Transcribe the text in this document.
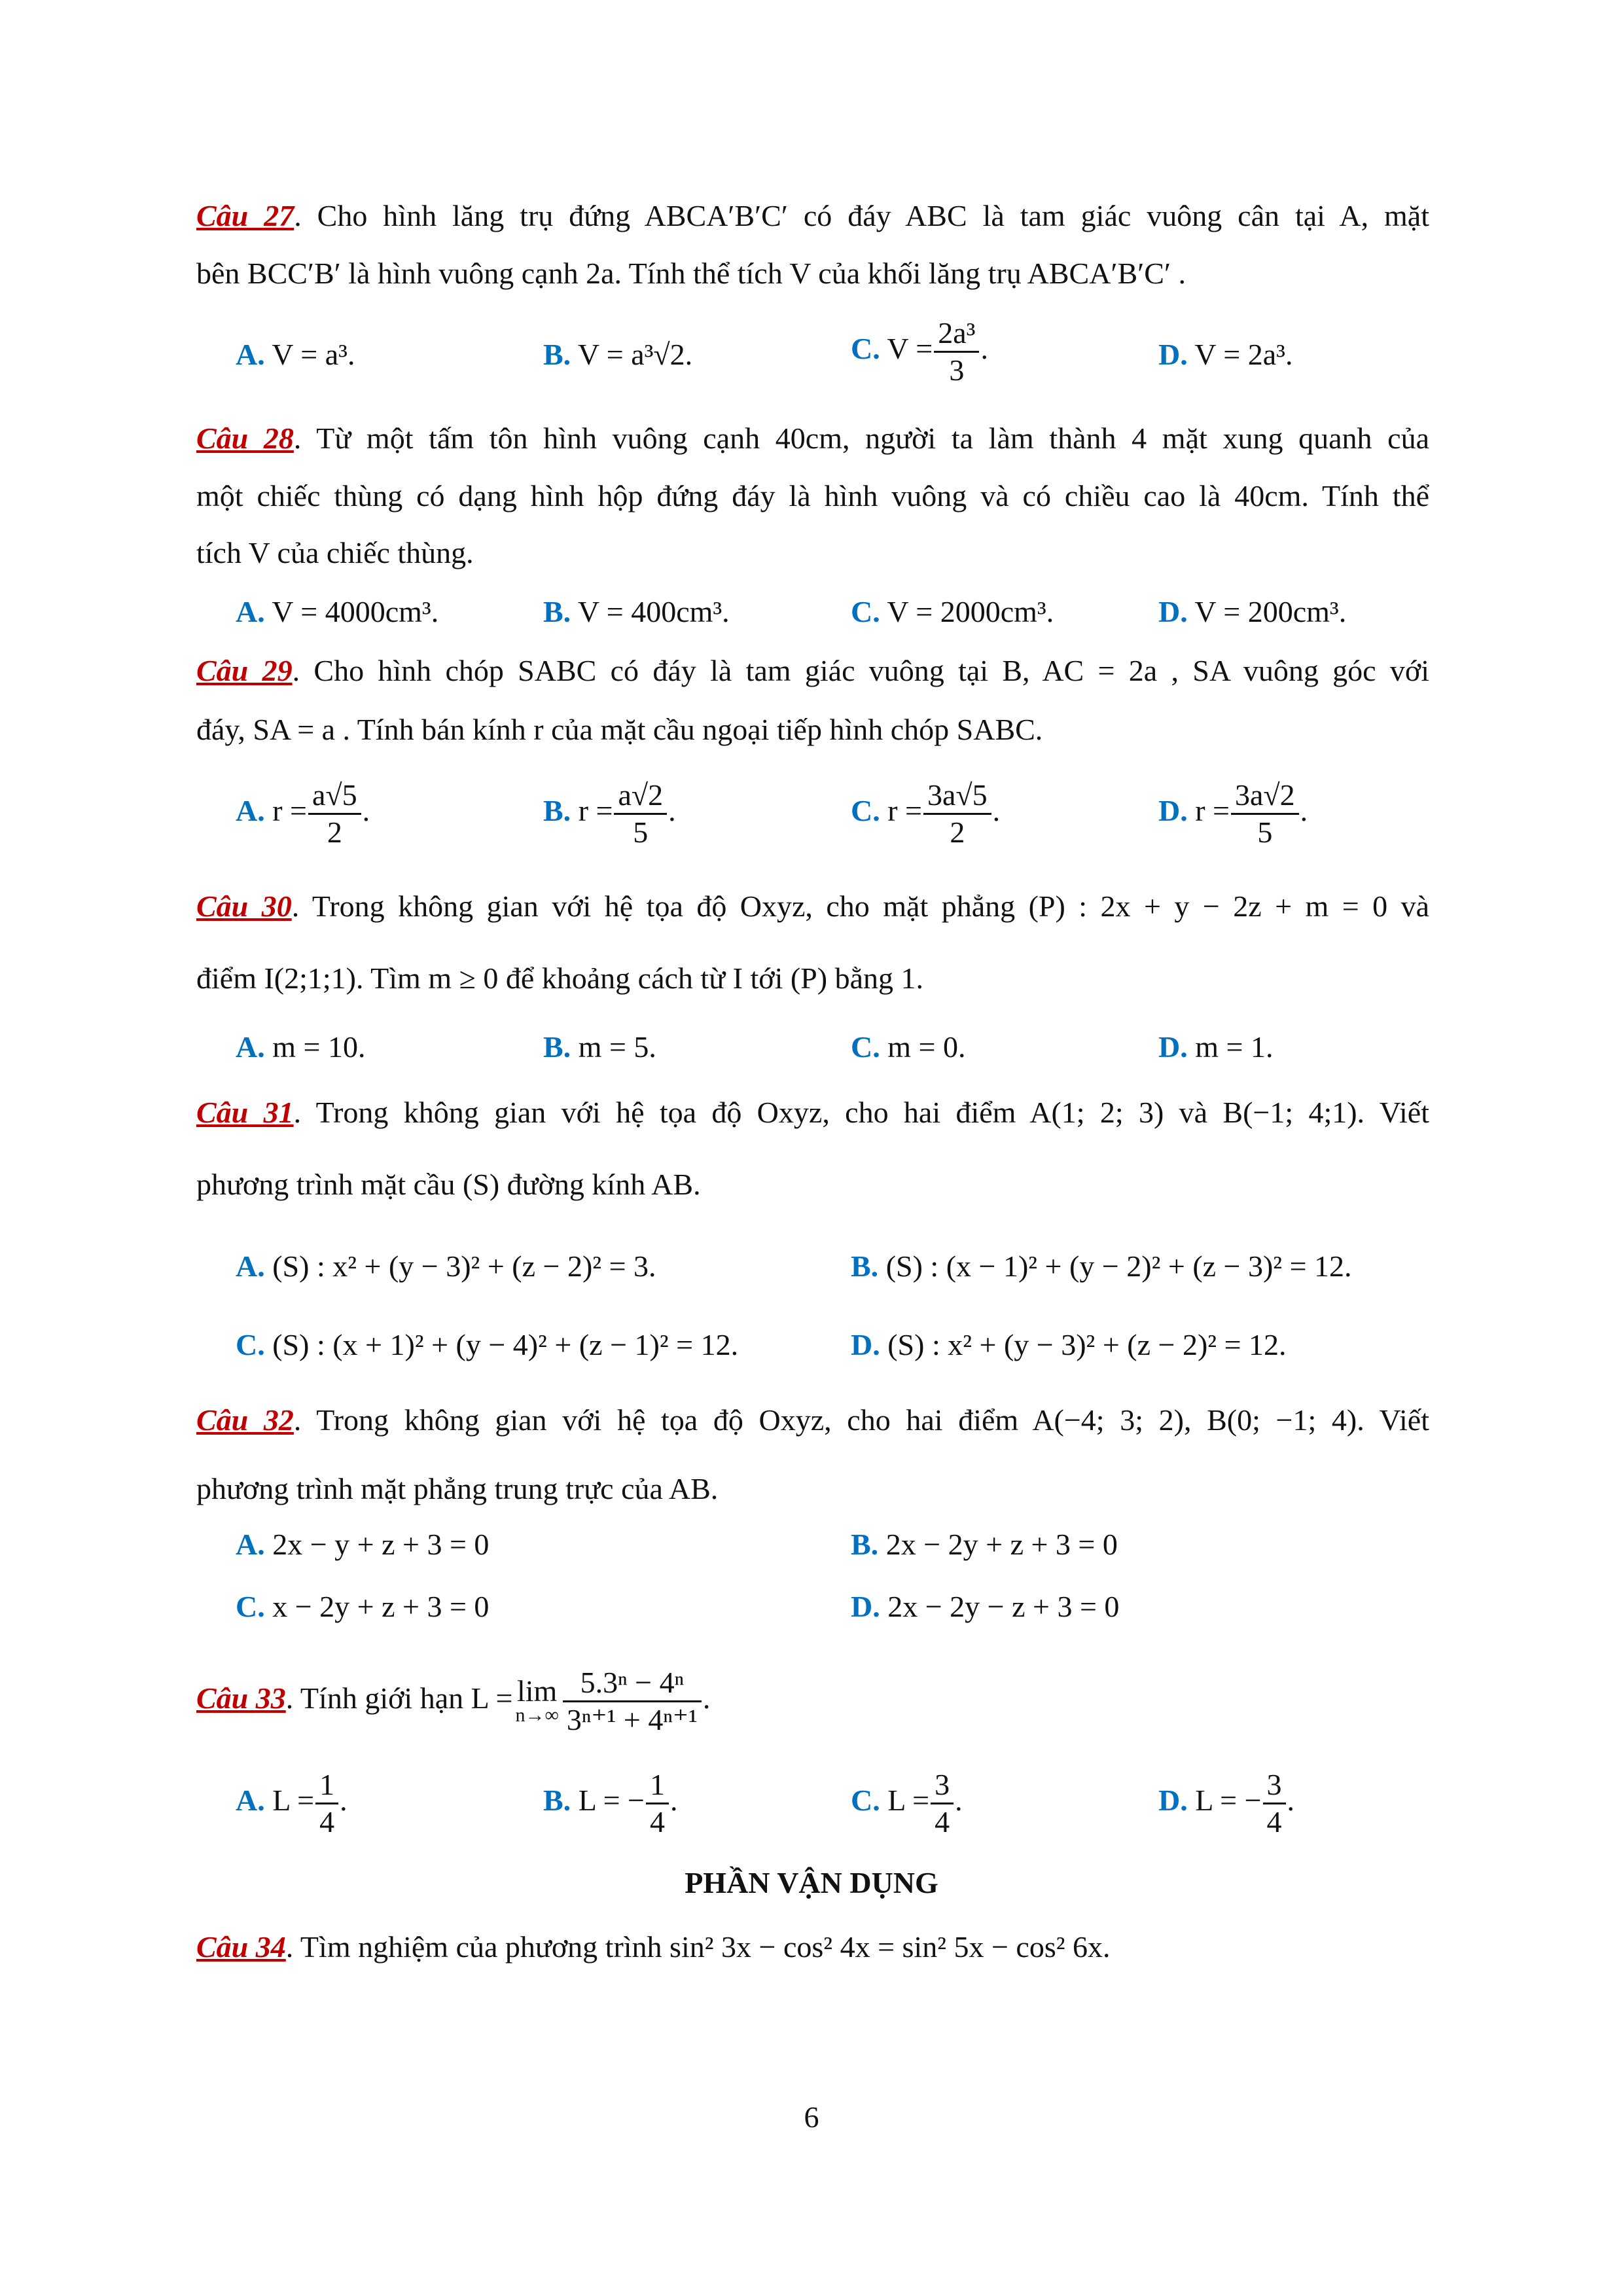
Câu 27. Cho hình lăng trụ đứng ABCA′B′C′ có đáy ABC là tam giác vuông cân tại A, mặt
bên BCC′B′ là hình vuông cạnh 2a. Tính thể tích V của khối lăng trụ ABCA′B′C′ .
A. V = a³.	B. V = a³√2.	C. $V = \frac{\text{2a³}}{3}$ .	D. V = 2a³.
Câu 28. Từ một tấm tôn hình vuông cạnh 40cm, người ta làm thành 4 mặt xung quanh của
một chiếc thùng có dạng hình hộp đứng đáy là hình vuông và có chiều cao là 40cm. Tính thể
tích V của chiếc thùng.
A. V = 4000cm³.	B. V = 400cm³.	C. V = 2000cm³.	D. V = 200cm³.
Câu 29. Cho hình chóp SABC có đáy là tam giác vuông tại B, AC = 2a , SA vuông góc với
đáy, SA = a . Tính bán kính r của mặt cầu ngoại tiếp hình chóp SABC.
A. $r = \frac{a√5}{2}$ .	B. $r = \frac{a√2}{5}$ .	C. $r = \frac{3a√5}{2}$ .	D. $r = \frac{3a√2}{5}$ .
Câu 30. Trong không gian với hệ tọa độ Oxyz, cho mặt phẳng (P) : 2x + y − 2z + m = 0 và
điểm I(2;1;1). Tìm m ≥ 0 để khoảng cách từ I tới (P) bằng 1.
A. m = 10.	B. m = 5.	C. m = 0.	D. m = 1.
Câu 31. Trong không gian với hệ tọa độ Oxyz, cho hai điểm A(1; 2; 3) và B(−1; 4;1). Viết
phương trình mặt cầu (S) đường kính AB.
A. (S) : x² + (y − 3)² + (z − 2)² = 3.	B. (S) : (x − 1)² + (y − 2)² + (z − 3)² = 12.
C. (S) : (x + 1)² + (y − 4)² + (z − 1)² = 12.	D. (S) : x² + (y − 3)² + (z − 2)² = 12.
Câu 32. Trong không gian với hệ tọa độ Oxyz, cho hai điểm A(−4; 3; 2), B(0; −1; 4). Viết
phương trình mặt phẳng trung trực của AB.
A. 2x − y + z + 3 = 0	B. 2x − 2y + z + 3 = 0
C. x − 2y + z + 3 = 0	D. 2x − 2y − z + 3 = 0
Câu 33. Tính giới hạn L = lim
$n\to\infty \frac{\text{5.3ⁿ − 4ⁿ}}{\text{3ⁿ⁺¹ + 4ⁿ⁺¹}}$ .
A. $L = \frac{1}{4}$ .	B. L = − $\frac{1}{4}$ .	C. $L = \frac{3}{4}$ .	D. L = − $\frac{3}{4}$ .
PHẦN VẬN DỤNG
Câu 34. Tìm nghiệm của phương trình sin² 3x − cos² 4x = sin² 5x − cos² 6x.
6
